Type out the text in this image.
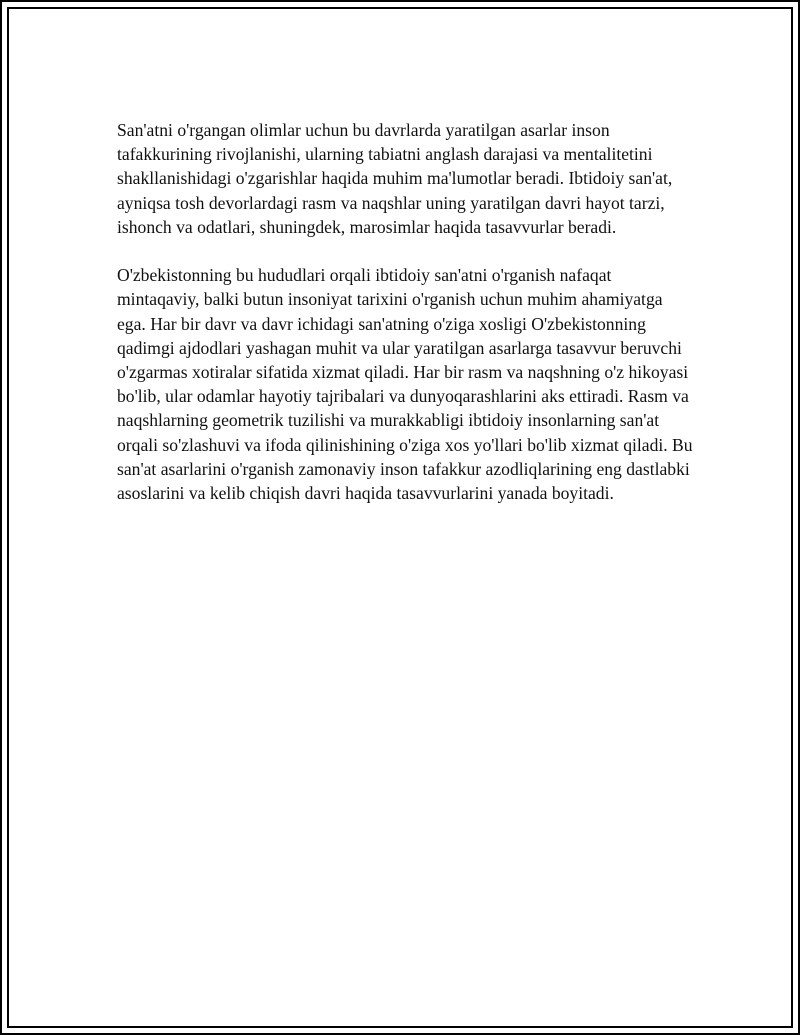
San'atni o'rgangan olimlar uchun bu davrlarda yaratilgan asarlar inson tafakkurining rivojlanishi, ularning tabiatni anglash darajasi va mentalitetini shakllanishidagi o'zgarishlar haqida muhim ma'lumotlar beradi. Ibtidoiy san'at, ayniqsa tosh devorlardagi rasm va naqshlar uning yaratilgan davri hayot tarzi, ishonch va odatlari, shuningdek, marosimlar haqida tasavvurlar beradi.

O'zbekistonning bu hududlari orqali ibtidoiy san'atni o'rganish nafaqat mintaqaviy, balki butun insoniyat tarixini o'rganish uchun muhim ahamiyatga ega. Har bir davr va davr ichidagi san'atning o'ziga xosligi O'zbekistonning qadimgi ajdodlari yashagan muhit va ular yaratilgan asarlarga tasavvur beruvchi o'zgarmas xotiralar sifatida xizmat qiladi. Har bir rasm va naqshning o'z hikoyasi bo'lib, ular odamlar hayotiy tajribalari va dunyoqarashlarini aks ettiradi. Rasm va naqshlarning geometrik tuzilishi va murakkabligi ibtidoiy insonlarning san'at orqali so'zlashuvi va ifoda qilinishining o'ziga xos yo'llari bo'lib xizmat qiladi. Bu san'at asarlarini o'rganish zamonaviy inson tafakkur azodliqlarining eng dastlabki asoslarini va kelib chiqish davri haqida tasavvurlarini yanada boyitadi.
